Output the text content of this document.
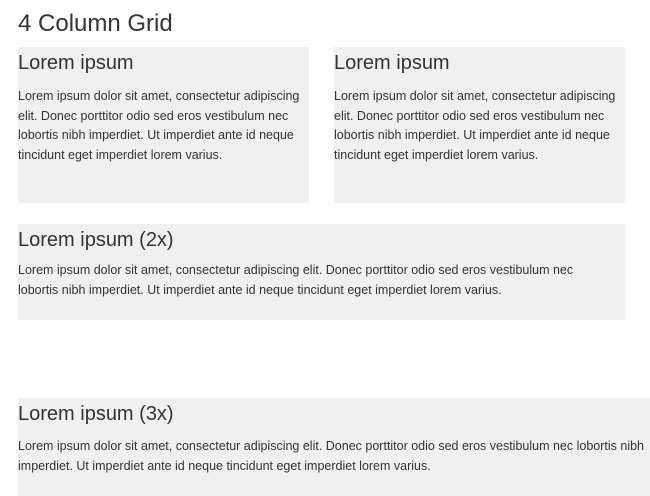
4 Column Grid
Lorem ipsum

Lorem ipsum dolor sit amet, consectetur adipiscing elit. Donec porttitor odio sed eros vestibulum nec lobortis nibh imperdiet. Ut imperdiet ante id neque tincidunt eget imperdiet lorem varius.

Lorem ipsum

Lorem ipsum dolor sit amet, consectetur adipiscing elit. Donec porttitor odio sed eros vestibulum nec lobortis nibh imperdiet. Ut imperdiet ante id neque tincidunt eget imperdiet lorem varius.

Lorem ipsum (2x)

Lorem ipsum dolor sit amet, consectetur adipiscing elit. Donec porttitor odio sed eros vestibulum nec lobortis nibh imperdiet. Ut imperdiet ante id neque tincidunt eget imperdiet lorem varius.

Lorem ipsum (3x)

Lorem ipsum dolor sit amet, consectetur adipiscing elit. Donec porttitor odio sed eros vestibulum nec lobortis nibh imperdiet. Ut imperdiet ante id neque tincidunt eget imperdiet lorem varius.
